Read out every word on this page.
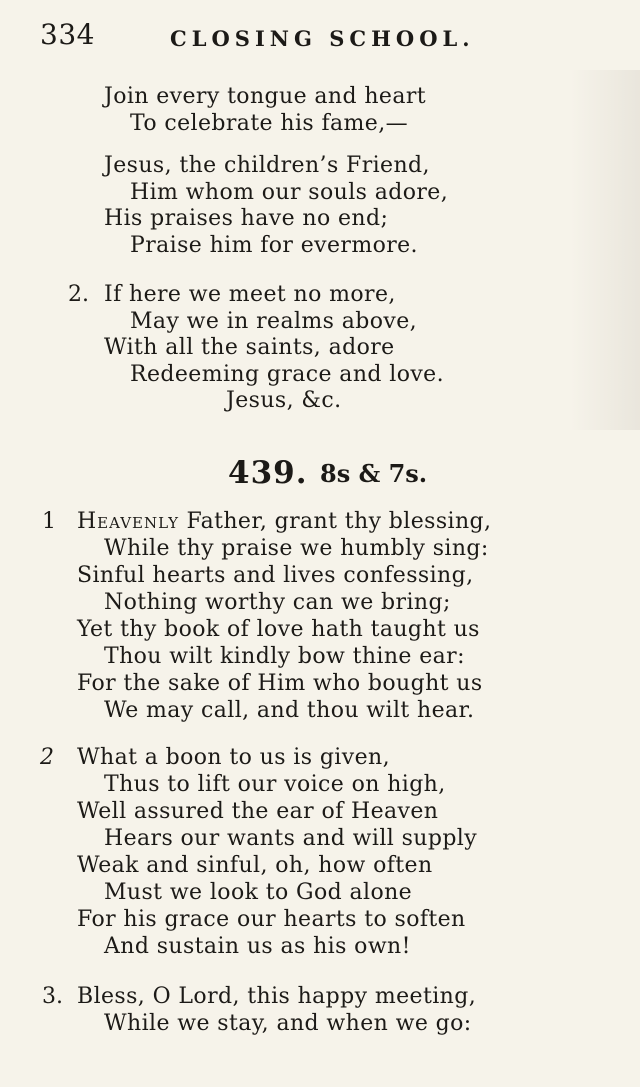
334	CLOSING SCHOOL.
Join every tongue and heart
To celebrate his fame,—
Jesus, the children’s Friend,
Him whom our souls adore,
His praises have no end;
Praise him for evermore.
2. If here we meet no more,
May we in realms above,
With all the saints, adore
Redeeming grace and love.
Jesus, &c.
439. 8s & 7s.
1 Heavenly Father, grant thy blessing,
While thy praise we humbly sing:
Sinful hearts and lives confessing,
Nothing worthy can we bring;
Yet thy book of love hath taught us
Thou wilt kindly bow thine ear:
For the sake of Him who bought us
We may call, and thou wilt hear.
2 What a boon to us is given,
Thus to lift our voice on high,
Well assured the ear of Heaven
Hears our wants and will supply
Weak and sinful, oh, how often
Must we look to God alone
For his grace our hearts to soften
And sustain us as his own!
3. Bless, O Lord, this happy meeting,
While we stay, and when we go:
